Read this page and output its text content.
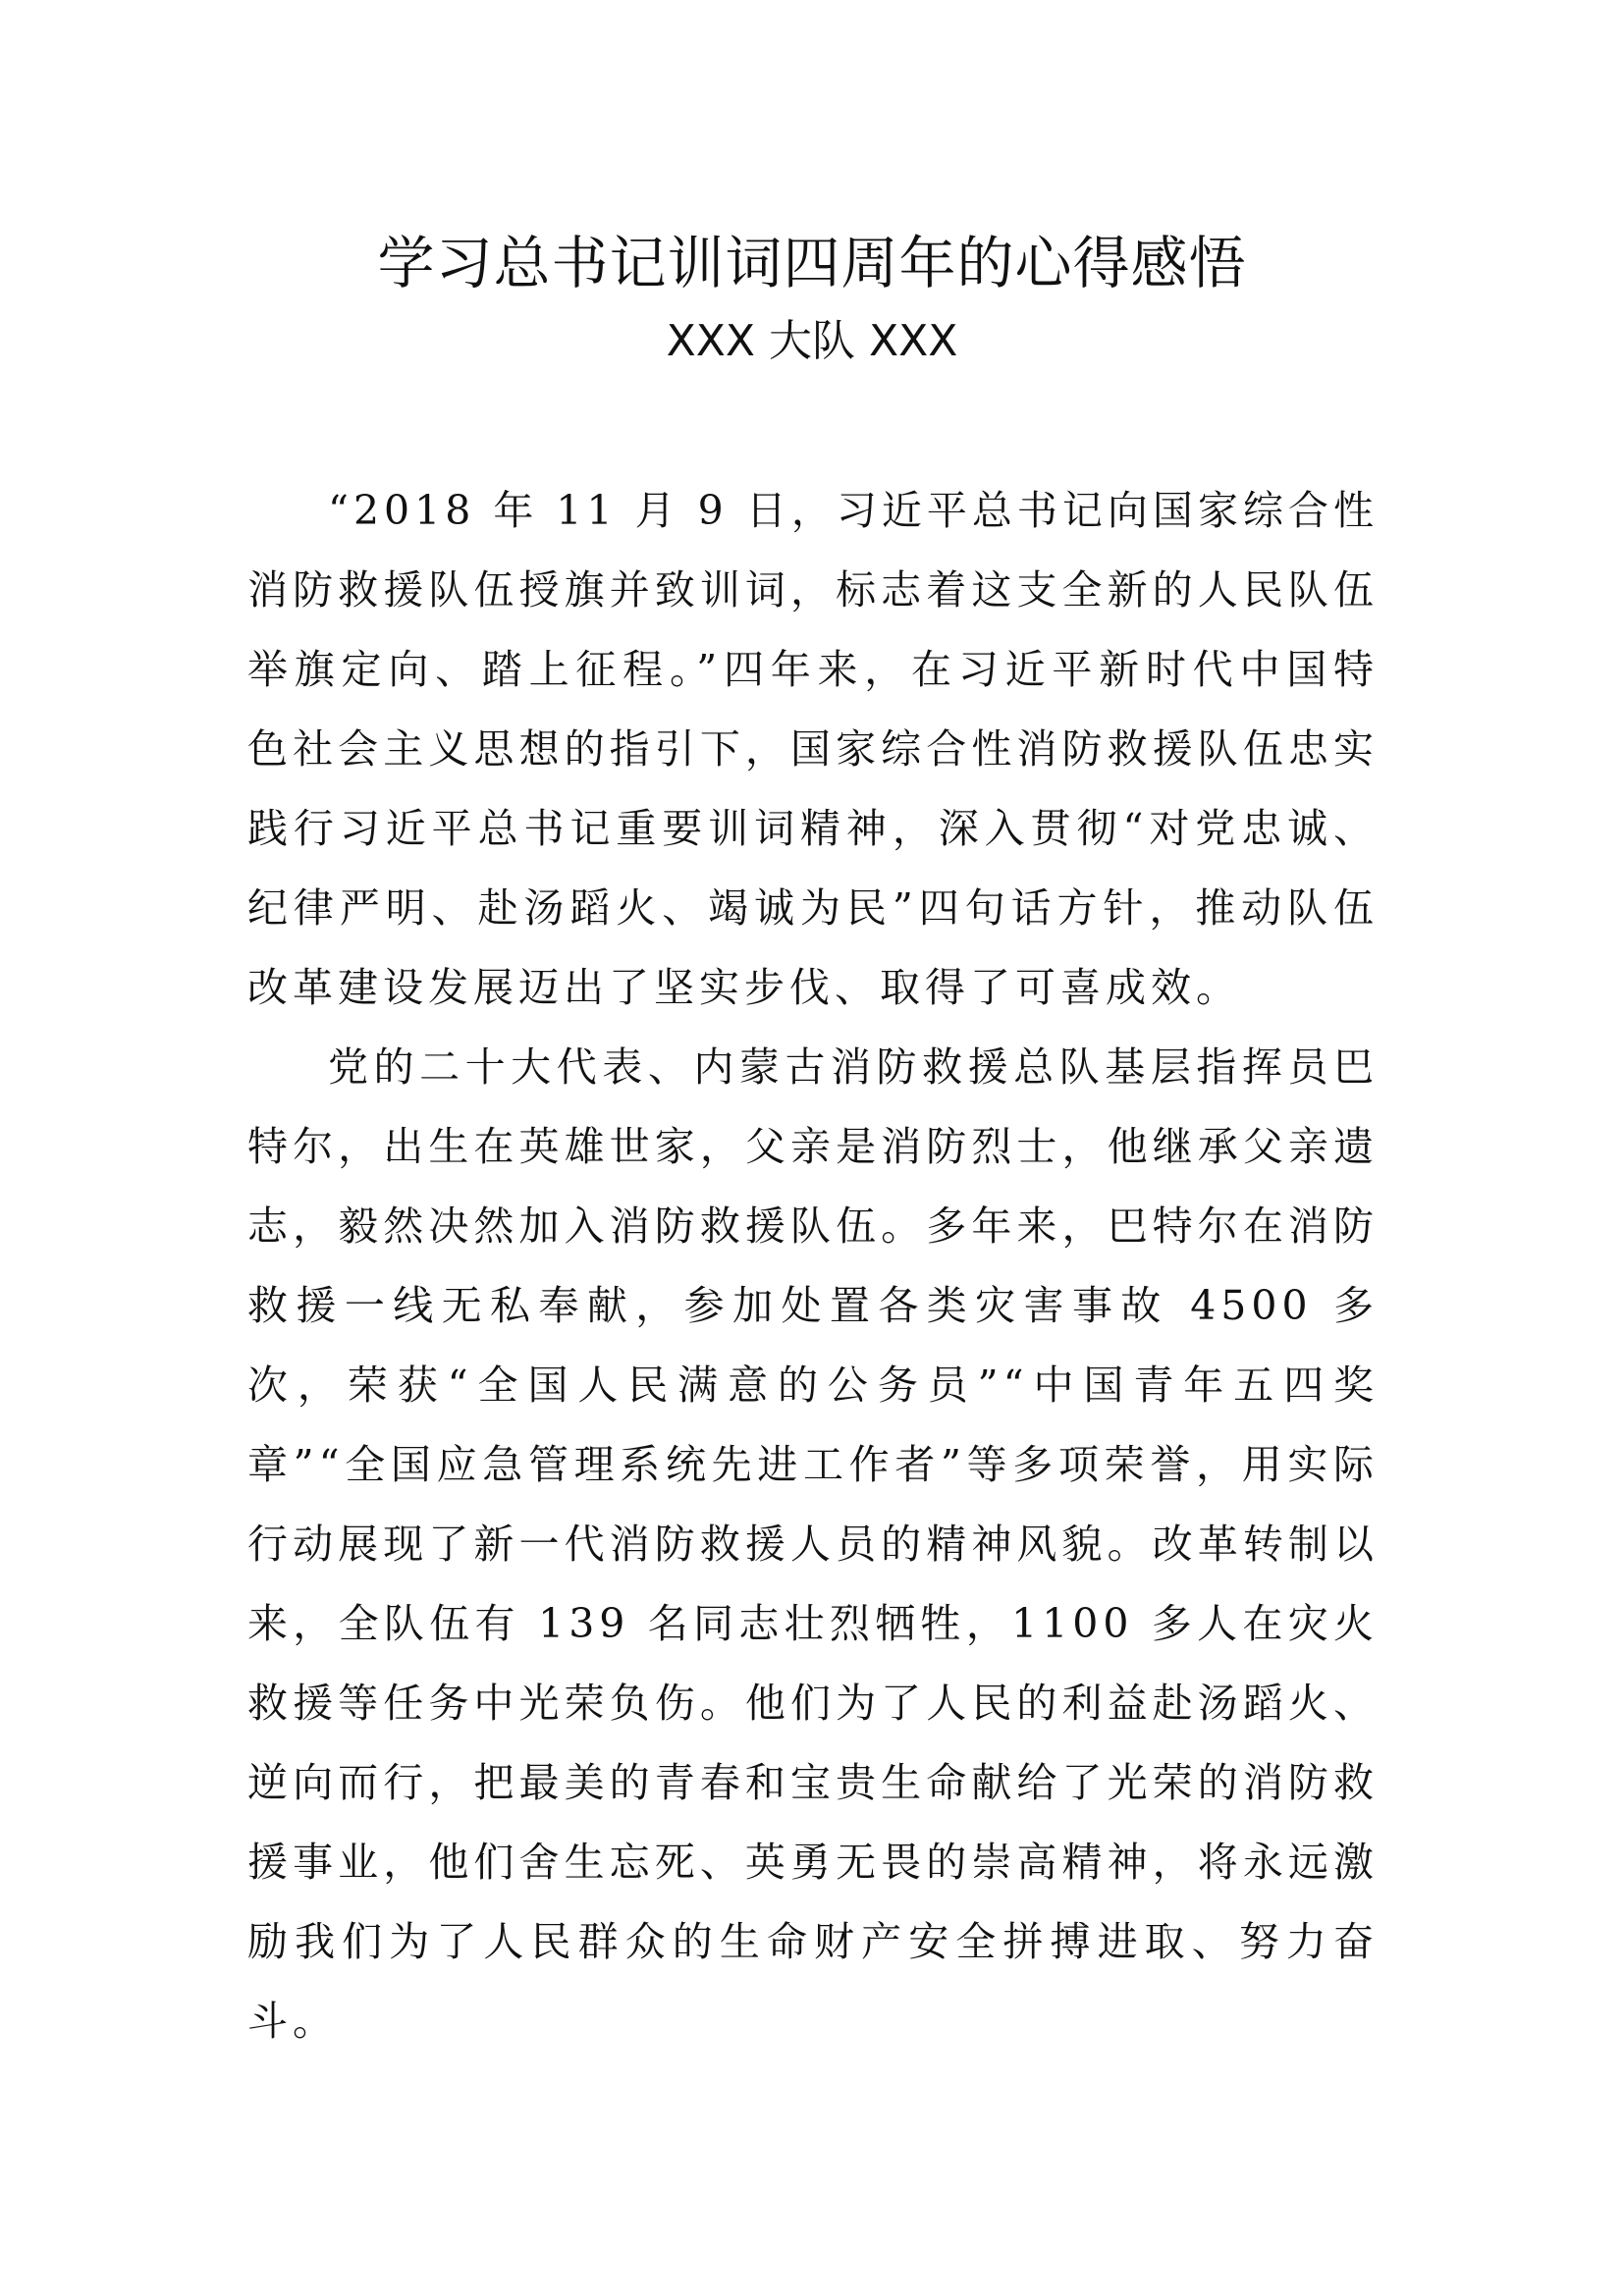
学习总书记训词四周年的心得感悟
XXX 大队 XXX

“2018 年 11 月 9 日，习近平总书记向国家综合性消防救援队伍授旗并致训词，标志着这支全新的人民队伍举旗定向、踏上征程。”四年来，在习近平新时代中国特色社会主义思想的指引下，国家综合性消防救援队伍忠实践行习近平总书记重要训词精神，深入贯彻“对党忠诚、纪律严明、赴汤蹈火、竭诚为民”四句话方针，推动队伍改革建设发展迈出了坚实步伐、取得了可喜成效。

党的二十大代表、内蒙古消防救援总队基层指挥员巴特尔，出生在英雄世家，父亲是消防烈士，他继承父亲遗志，毅然决然加入消防救援队伍。多年来，巴特尔在消防救援一线无私奉献，参加处置各类灾害事故 4500 多次，荣获“全国人民满意的公务员”“中国青年五四奖章”“全国应急管理系统先进工作者”等多项荣誉，用实际行动展现了新一代消防救援人员的精神风貌。改革转制以来，全队伍有 139 名同志壮烈牺牲，1100 多人在灾火救援等任务中光荣负伤。他们为了人民的利益赴汤蹈火、逆向而行，把最美的青春和宝贵生命献给了光荣的消防救援事业，他们舍生忘死、英勇无畏的崇高精神，将永远激励我们为了人民群众的生命财产安全拼搏进取、努力奋斗。
